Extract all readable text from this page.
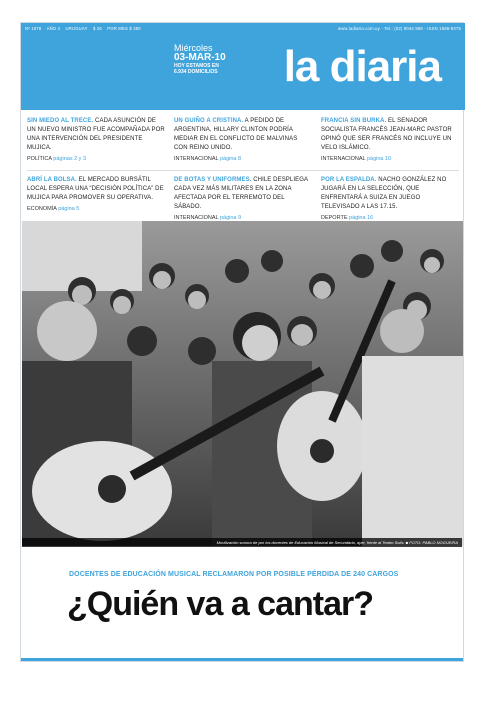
Nº 1878 AÑO 4 URUGUAY $ 25 POR MES $ 360	www.ladiaria.com.uy - Tel.: (02) 9044 888 - ISSN 1688-8375
Miércoles
03-MAR-10
HOY ESTAMOS EN
6.934 DOMICILIOS la diaria
SIN MIEDO AL TRECE. CADA ASUNCIÓN DE UN NUEVO MINISTRO FUE ACOMPAÑADA POR UNA INTERVENCIÓN DEL PRESIDENTE MUJICA.
POLÍTICA páginas 2 y 3
UN GUIÑO A CRISTINA. A PEDIDO DE ARGENTINA, HILLARY CLINTON PODRÍA MEDIAR EN EL CONFLICTO DE MALVINAS CON REINO UNIDO.
INTERNACIONAL página 8
FRANCIA SIN BURKA. EL SENADOR SOCIALISTA FRANCÉS JEAN-MARC PASTOR OPINÓ QUE SER FRANCÉS NO INCLUYE UN VELO ISLÁMICO.
INTERNACIONAL página 10
ABRÍ LA BOLSA. EL MERCADO BURSÁTIL LOCAL ESPERA UNA “DECISIÓN POLÍTICA” DE MUJICA PARA PROMOVER SU OPERATIVA.
ECONOMÍA página 5
DE BOTAS Y UNIFORMES. CHILE DESPLIEGA CADA VEZ MÁS MILITARES EN LA ZONA AFECTADA POR EL TERREMOTO DEL SÁBADO.
INTERNACIONAL página 9
POR LA ESPALDA. NACHO GONZÁLEZ NO JUGARÁ EN LA SELECCIÓN, QUE ENFRENTARÁ A SUIZA EN JUEGO TELEVISADO A LAS 17.15.
DEPORTE página 16
Movilización sonora de por los docentes de Educación Musical de Secundaria, ayer, frente al Teatro Solís. ■ FOTO: PABLO NOGUEIRA
DOCENTES DE EDUCACIÓN MUSICAL RECLAMARON POR POSIBLE PÉRDIDA DE 240 CARGOS
¿Quién va a cantar?
